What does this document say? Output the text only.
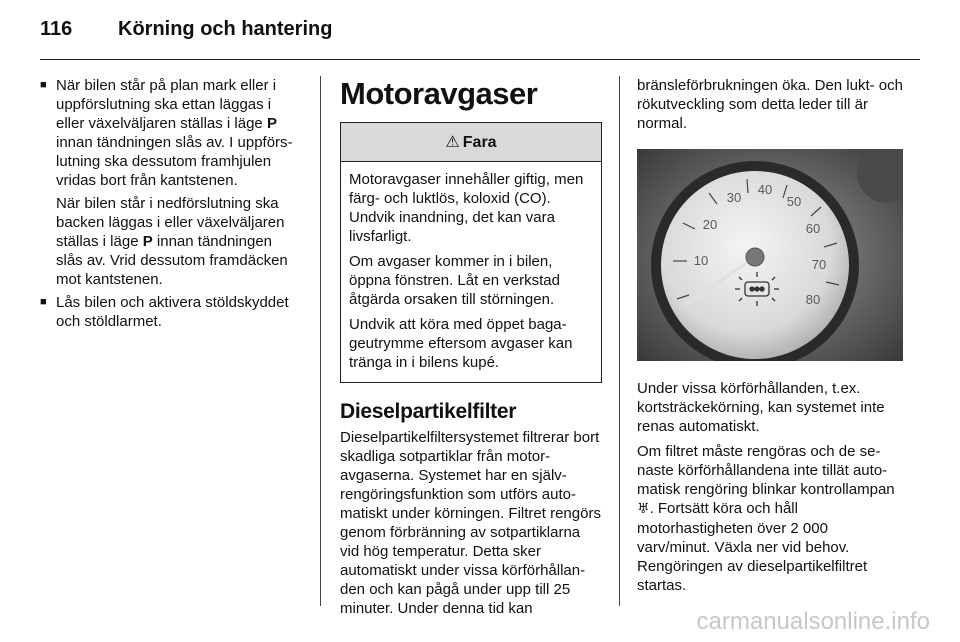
116 Körning och hantering
■ När bilen står på plan mark eller i uppförslutning ska ettan läggas i eller växelväljaren ställas i läge P innan tändningen slås av. I uppförslutning ska dessutom framhjulen vridas bort från kantstenen.
När bilen står i nedförslutning ska backen läggas i eller växelväljaren ställas i läge P innan tändningen slås av. Vrid dessutom framdäcken mot kantstenen.
■ Lås bilen och aktivera stöldskyddet och stöldlarmet.
Motoravgaser
⚠ Fara

Motoravgaser innehåller giftig, men färg- och luktlös, koloxid (CO). Undvik inandning, det kan vara livsfarligt.

Om avgaser kommer in i bilen, öppna fönstren. Låt en verkstad åtgärda orsaken till störningen.

Undvik att köra med öppet bagageutrymme eftersom avgaser kan tränga in i bilens kupé.

Dieselpartikelfilter

Dieselpartikelfiltersystemet filtrerar bort skadliga sotpartiklar från motoravgaserna. Systemet har en självrengöringsfunktion som utförs automatiskt under körningen. Filtret rengörs genom förbränning av sotpartiklarna vid hög temperatur. Detta sker automatiskt under vissa körförhållanden och kan pågå under upp till 25 minuter. Under denna tid kan

bränsleförbrukningen öka. Den lukt- och rökutveckling som detta leder till är normal.

10
20
30
40
50
60
70
80

Under vissa körförhållanden, t.ex. kortsträckekörning, kan systemet inte renas automatiskt.

Om filtret måste rengöras och de senaste körförhållandena inte tillät automatisk rengöring blinkar kontrollampan ♅. Fortsätt köra och håll motorhastigheten över 2 000 varv/minut. Växla ner vid behov. Rengöringen av dieselpartikelfiltret startas.

carmanualsonline.info
